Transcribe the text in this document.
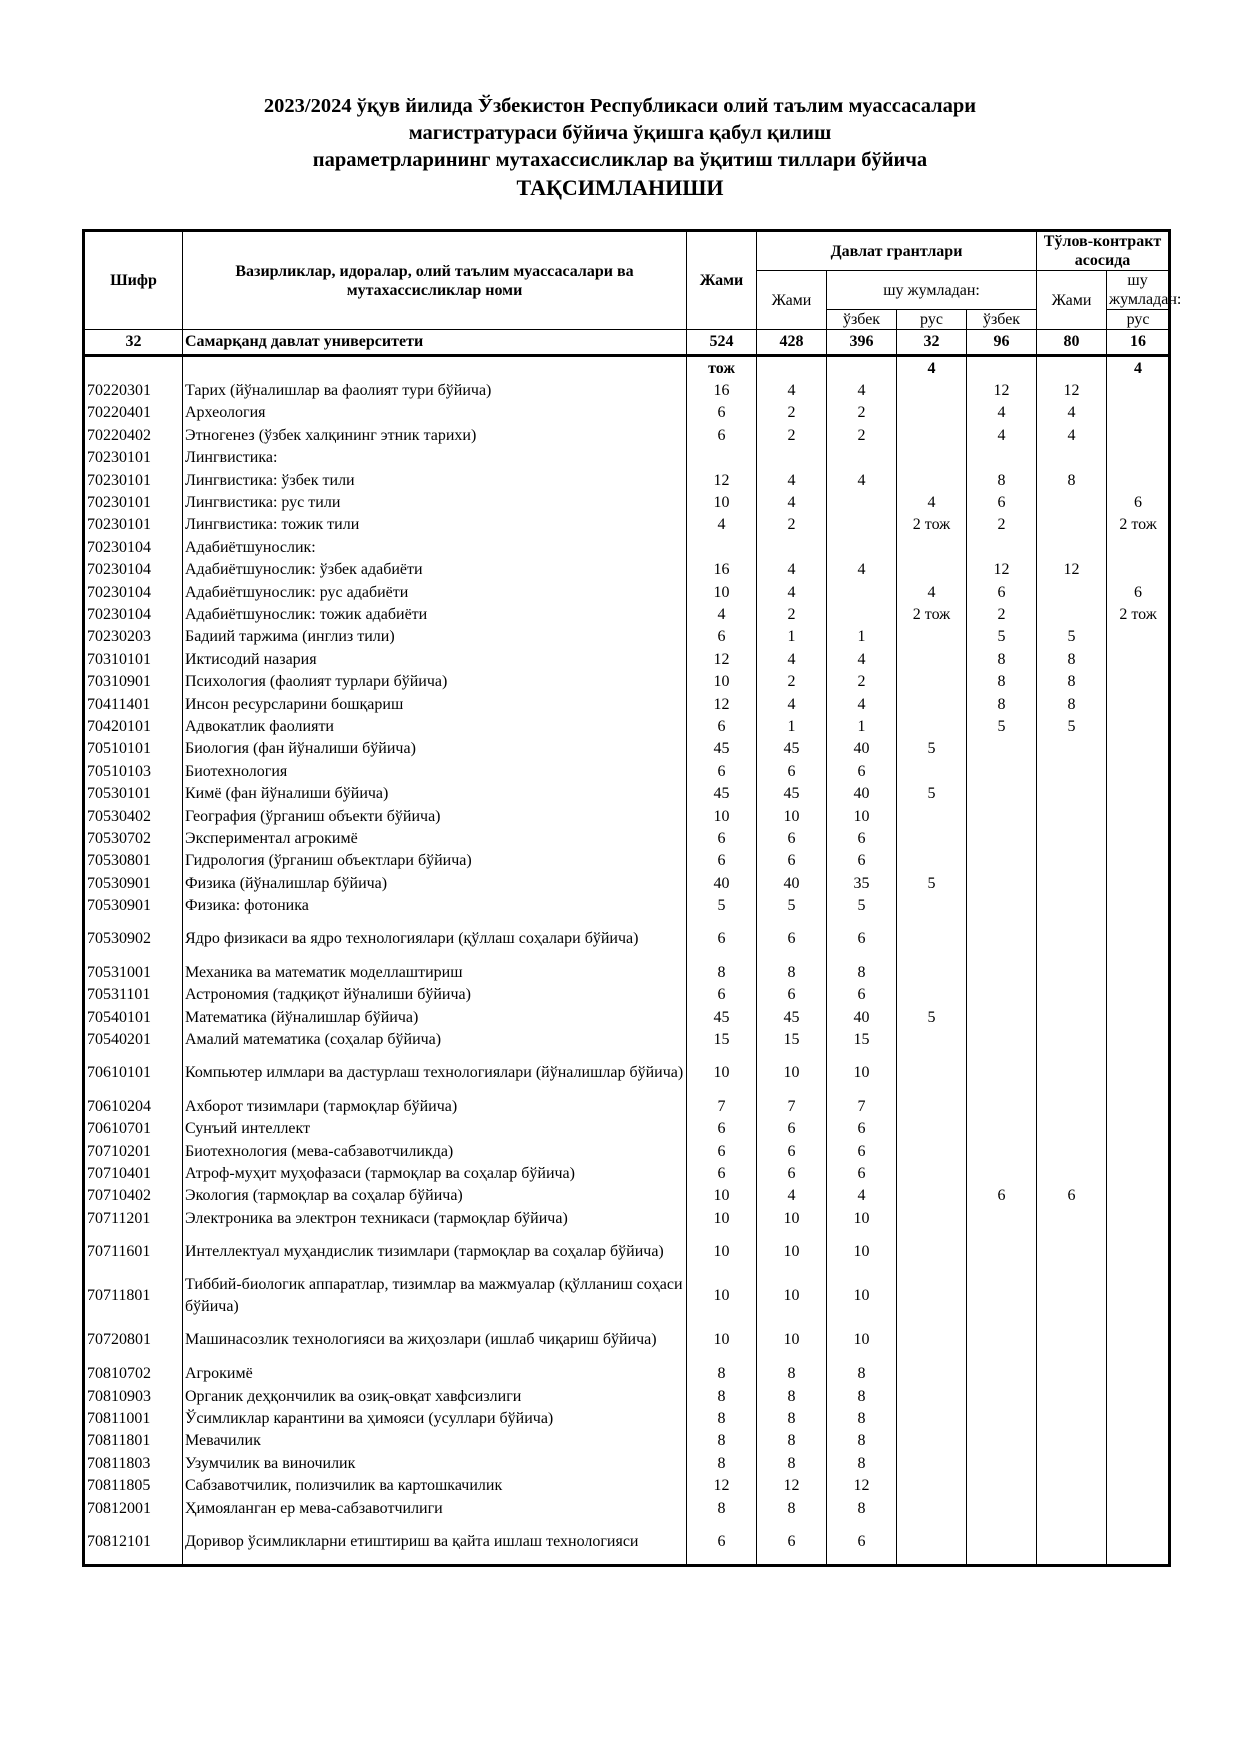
2023/2024 ўқув йилида Ўзбекистон Республикаси олий таълим муассасалари
магистратураси бўйича ўқишга қабул қилиш
параметрларининг мутахассисликлар ва ўқитиш тиллари бўйича
ТАҚСИМЛАНИШИ
Шифр	Вазирликлар, идоралар, олий таълим муассасалари ва мутахассисликлар номи	Жами	Давлат грантлари				Тўлов-контракт асосида	
			Жами	шу жумладан:			Жами	шу жумладан:
				ўзбек	рус	ўзбек		рус
32	Самарқанд давлат университети	524	428	396	32	96	80	16
		тож			4			4
70220301	Тарих (йўналишлар ва фаолият тури бўйича)	16	4	4		12	12	
70220401	Археология	6	2	2		4	4	
70220402	Этногенез (ўзбек халқининг этник тарихи)	6	2	2		4	4	
70230101	Лингвистика:							
70230101	Лингвистика: ўзбек тили	12	4	4		8	8	
70230101	Лингвистика: рус тили	10	4		4	6		6
70230101	Лингвистика: тожик тили	4	2		2 тож	2		2 тож
70230104	Адабиётшунослик:							
70230104	Адабиётшунослик: ўзбек адабиёти	16	4	4		12	12	
70230104	Адабиётшунослик: рус адабиёти	10	4		4	6		6
70230104	Адабиётшунослик: тожик адабиёти	4	2		2 тож	2		2 тож
70230203	Бадиий таржима (инглиз тили)	6	1	1		5	5	
70310101	Иктисодий назария	12	4	4		8	8	
70310901	Психология (фаолият турлари бўйича)	10	2	2		8	8	
70411401	Инсон ресурсларини бошқариш	12	4	4		8	8	
70420101	Адвокатлик фаолияти	6	1	1		5	5	
70510101	Биология (фан йўналиши бўйича)	45	45	40	5			
70510103	Биотехнология	6	6	6				
70530101	Кимё (фан йўналиши бўйича)	45	45	40	5			
70530402	География (ўрганиш объекти бўйича)	10	10	10				
70530702	Экспериментал агрокимё	6	6	6				
70530801	Гидрология (ўрганиш объектлари бўйича)	6	6	6				
70530901	Физика (йўналишлар бўйича)	40	40	35	5			
70530901	Физика: фотоника	5	5	5				
70530902	Ядро физикаси ва ядро технологиялари (қўллаш соҳалари бўйича)	6	6	6				
70531001	Механика ва математик моделлаштириш	8	8	8				
70531101	Астрономия (тадқиқот йўналиши бўйича)	6	6	6				
70540101	Математика (йўналишлар бўйича)	45	45	40	5			
70540201	Амалий математика (соҳалар бўйича)	15	15	15				
70610101	Компьютер илмлари ва дастурлаш технологиялари (йўналишлар бўйича)	10	10	10				
70610204	Ахборот тизимлари (тармоқлар бўйича)	7	7	7				
70610701	Сунъий интеллект	6	6	6				
70710201	Биотехнология (мева-сабзавотчиликда)	6	6	6				
70710401	Атроф-муҳит муҳофазаси (тармоқлар ва соҳалар бўйича)	6	6	6				
70710402	Экология (тармоқлар ва соҳалар бўйича)	10	4	4		6	6	
70711201	Электроника ва электрон техникаси (тармоқлар бўйича)	10	10	10				
70711601	Интеллектуал муҳандислик тизимлари (тармоқлар ва соҳалар бўйича)	10	10	10				
70711801	Тиббий-биологик аппаратлар, тизимлар ва мажмуалар (қўлланиш соҳаси бўйича)	10	10	10				
70720801	Машинасозлик технологияси ва жиҳозлари (ишлаб чиқариш бўйича)	10	10	10				
70810702	Агрокимё	8	8	8				
70810903	Органик деҳқончилик ва озиқ-овқат хавфсизлиги	8	8	8				
70811001	Ўсимликлар карантини ва ҳимояси (усуллари бўйича)	8	8	8				
70811801	Мевачилик	8	8	8				
70811803	Узумчилик ва виночилик	8	8	8				
70811805	Сабзавотчилик, полизчилик ва картошкачилик	12	12	12				
70812001	Ҳимояланган ер мева-сабзавотчилиги	8	8	8				
70812101	Доривор ўсимликларни етиштириш ва қайта ишлаш технологияси	6	6	6				
